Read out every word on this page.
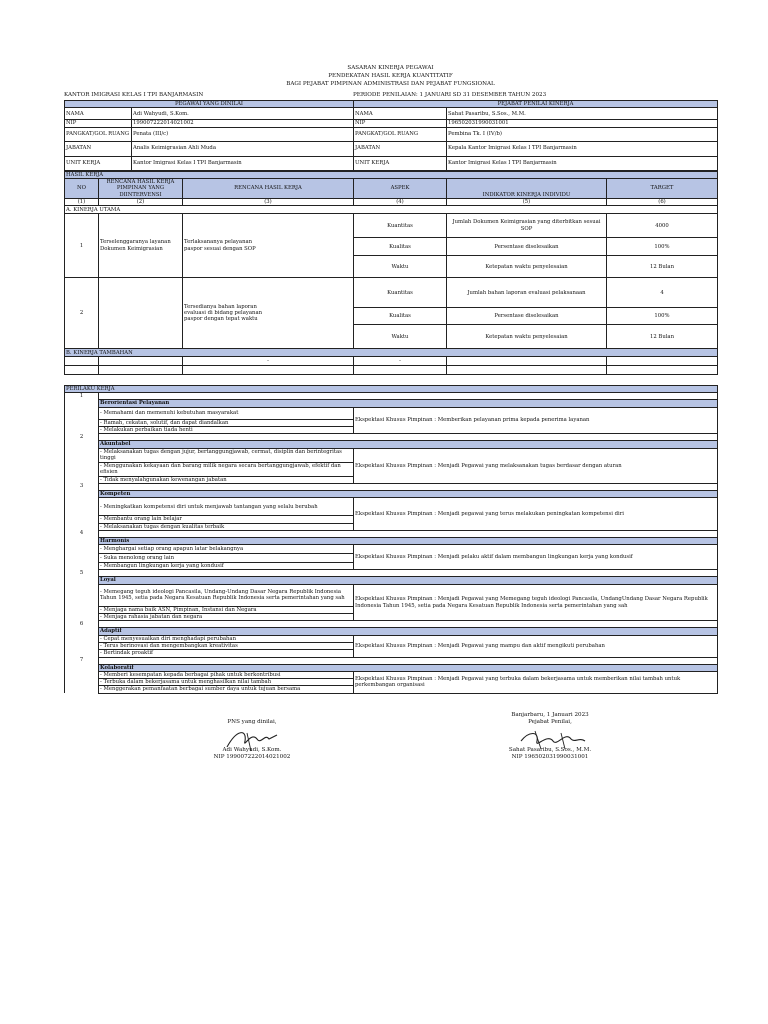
SASARAN KINERJA PEGAWAI
PENDEKATAN HASIL KERJA KUANTITATIF
BAGI PEJABAT PIMPINAN ADMINISTRASI DAN PEJABAT FUNGSIONAL
KANTOR IMIGRASI KELAS I TPI BANJARMASIN	PERIODE PENILAIAN: 1 JANUARI SD 31 DESEMBER TAHUN 2023
PEGAWAI YANG DINILAI		PEJABAT PENILAI KINERJA	
NAMA	Adi Wahyudi, S.Kom.	NAMA	Sahat Pasaribu, S.Sos., M.M.
NIP	199007222014021002	NIP	196502031990031001
PANGKAT/GOL RUANG	Penata (III/c)	PANGKAT/GOL RUANG	Pembina Tk. I (IV/b)
JABATAN	Analis Keimigrasian Ahli Muda	JABATAN	Kepala Kantor Imigrasi Kelas I TPI Banjarmasin
UNIT KERJA	Kantor Imigrasi Kelas I TPI Banjarmasin	UNIT KERJA	Kantor Imigrasi Kelas I TPI Banjarmasin
HASIL KERJA					
NO	RENCANA HASIL KERJA PIMPINAN YANG DIINTERVENSI	RENCANA HASIL KERJA	ASPEK	INDIKATOR KINERJA INDIVIDU	TARGET
(1)	(2)	(3)	(4)	(5)	(6)
A. KINERJA UTAMA					
1	Terselenggaranya layanan Dokumen Keimigrasian	Terlaksananya pelayanan paspor sesuai dengan SOP	Kuantitas	Jumlah Dokumen Keimigrasian yang diterbitkan sesuai SOP	4000
			Kualitas	Persentase diselesaikan	100%
			Waktu	Ketepatan waktu penyelesaian	12 Bulan
2		Tersedianya bahan laporan evaluasi di bidang pelayanan paspor dengan tepat waktu	Kuantitas	Jumlah bahan laporan evaluasi pelaksanaan	4
			Kualitas	Persentase diselesaikan	100%
			Waktu	Ketepatan waktu penyelesaian	12 Bulan
B. KINERJA TAMBAHAN					
		-	-		

PERILAKU KERJA		
1		
	Berorientasi Pelayanan	
	- Memahami dan memenuhi kebutuhan masyarakat	Ekspektasi Khusus Pimpinan : Memberikan pelayanan prima kepada penerima layanan
	- Ramah, cekatan, solutif, dan dapat diandalkan	
	- Melakukan perbaikan tiada henti	
2		
	Akuntabel	
	- Melaksanakan tugas dengan jujur, bertanggungjawab, cermat, disiplin dan berintegritas tinggi	Ekspektasi Khusus Pimpinan : Menjadi Pegawai yang melaksanakan tugas berdasar dengan aturan
	- Menggunakan kekayaan dan barang milik negara secara bertanggungjawab, efektif dan efisien	
	- Tidak menyalahgunakan kewenangan jabatan	
3		
	Kompeten	
	- Meningkatkan kompetensi diri untuk menjawab tantangan yang selalu berubah	Ekspektasi Khusus Pimpinan : Menjadi pegawai yang terus melakukan peningkatan kompetensi diri
	- Membantu orang lain belajar	
	- Melaksanakan tugas dengan kualitas terbaik	
4		
	Harmonis	
	- Menghargai setiap orang apapun latar belakangnya	Ekspektasi Khusus Pimpinan : Menjadi pelaku aktif dalam membangun lingkungan kerja yang kondusif
	- Suka menolong orang lain	
	- Membangun lingkungan kerja yang kondusif	
5		
	Loyal	
	- Memegang teguh ideologi Pancasila, Undang-Undang Dasar Negara Republik Indonesia Tahun 1945, setia pada Negara Kesatuan Republik Indonesia serta pemerintahan yang sah	Ekspektasi Khusus Pimpinan : Menjadi Pegawai yang Memegang teguh ideologi Pancasila, UndangUndang Dasar Negara Republik Indonesia Tahun 1945, setia pada Negara Kesatuan Republik Indonesia serta pemerintahan yang sah
	- Menjaga nama baik ASN, Pimpinan, Instansi dan Negara	
	- Menjaga rahasia jabatan dan negara	
6		
	Adaptif	
	- Cepat menyesuaikan diri menghadapi perubahan	Ekspektasi Khusus Pimpinan : Menjadi Pegawai yang mampu dan aktif mengikuti perubahan
	- Terus berinovasi dan mengembangkan kreativitas	
	- Bertindak proaktif	
7		
	Kolaboratif	
	- Memberi kesempatan kepada berbagai pihak untuk berkontribusi	Ekspektasi Khusus Pimpinan : Menjadi Pegawai yang terbuka dalam bekerjasama untuk memberikan nilai tambah untuk perkembangan organisasi
	- Terbuka dalam bekerjasama untuk menghasilkan nilai tambah	
	- Menggerakan pemanfaatan berbagai sumber daya untuk tujuan bersama	
PNS yang dinilai,
Adi Wahyudi, S.Kom.
NIP 199007222014021002
Banjarbaru, 1 Januari 2023
Pejabat Penilai,
Sahat Pasaribu, S.Sos., M.M.
NIP 196502031990031001
